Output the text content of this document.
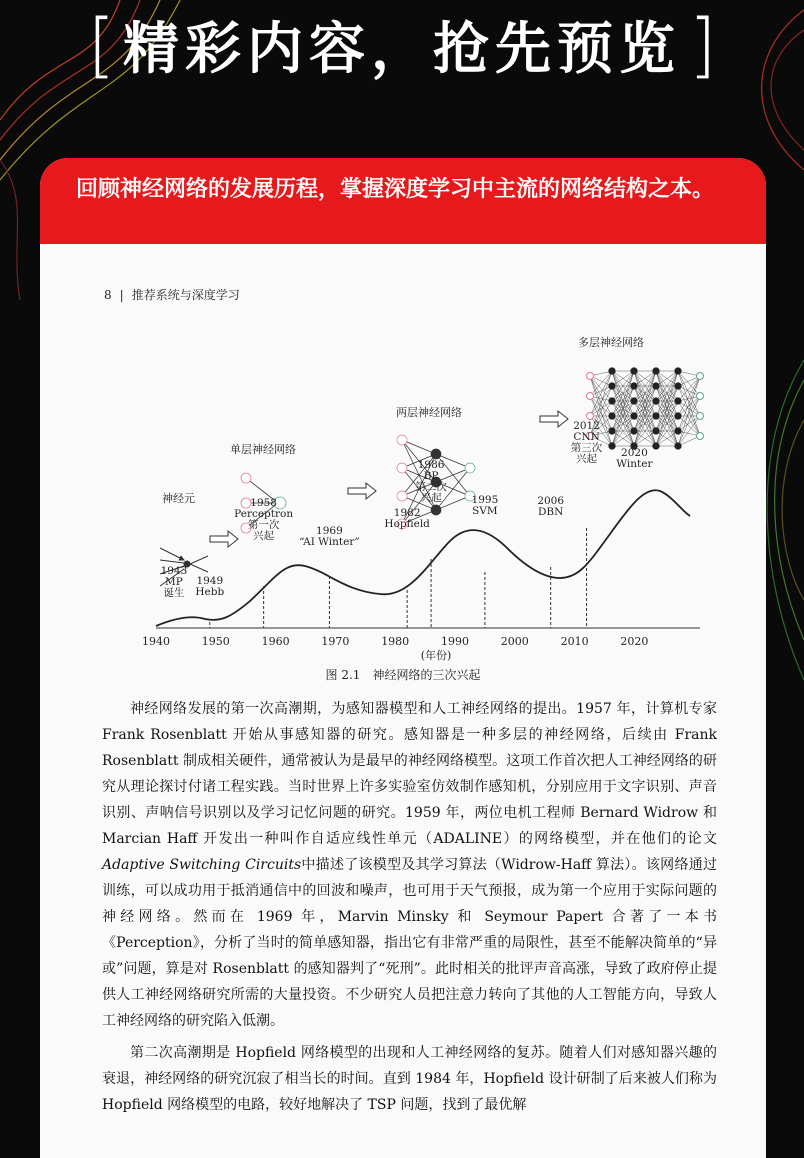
[ 精彩内容，抢先预览 ]
回顾神经网络的发展历程，掌握深度学习中主流的网络结构之本。
8 | 推荐系统与深度学习
神经元
单层神经网络
两层神经网络
多层神经网络
1940	1950	1960	1970	1980	1990	2000	2010	2020
1943
MP
诞生
1949
Hebb
1958
Perceptron
第一次
兴起	1969
“AI Winter”
1982
Hopfield
1986
BP
第二次
兴起	1995
SVM
2006
DBN
2012
CNN
第三次
兴起 2020
Winter
(年份)
图 2.1　神经网络的三次兴起

神经网络发展的第一次高潮期，为感知器模型和人工神经网络的提出。1957 年，计算机专家 Frank Rosenblatt 开始从事感知器的研究。感知器是一种多层的神经网络，后续由 Frank Rosenblatt 制成相关硬件，通常被认为是最早的神经网络模型。这项工作首次把人工神经网络的研究从理论探讨付诸工程实践。当时世界上许多实验室仿效制作感知机，分别应用于文字识别、声音识别、声呐信号识别以及学习记忆问题的研究。1959 年，两位电机工程师 Bernard Widrow 和 Marcian Haff 开发出一种叫作自适应线性单元（ADALINE）的网络模型，并在他们的论文Adaptive Switching Circuits中描述了该模型及其学习算法（Widrow-Haff 算法）。该网络通过训练，可以成功用于抵消通信中的回波和噪声，也可用于天气预报，成为第一个应用于实际问题的神经网络。然而在 1969 年，Marvin Minsky 和 Seymour Papert 合著了一本书《Perception》，分析了当时的简单感知器，指出它有非常严重的局限性，甚至不能解决简单的“异或”问题，算是对 Rosenblatt 的感知器判了“死刑”。此时相关的批评声音高涨，导致了政府停止提供人工神经网络研究所需的大量投资。不少研究人员把注意力转向了其他的人工智能方向，导致人工神经网络的研究陷入低潮。

第二次高潮期是 Hopfield 网络模型的出现和人工神经网络的复苏。随着人们对感知器兴趣的衰退，神经网络的研究沉寂了相当长的时间。直到 1984 年，Hopfield 设计研制了后来被人们称为 Hopfield 网络模型的电路，较好地解决了 TSP 问题，找到了最优解
